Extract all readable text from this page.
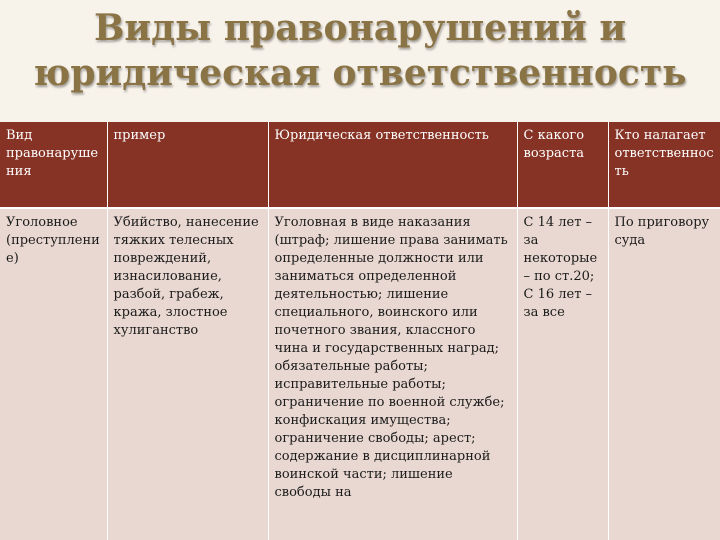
Виды правонарушений и
юридическая ответственность
Вид правонарушения	пример	Юридическая ответственность	С какого возраста	Кто налагает ответственность

Уголовное (преступление)	Убийство, нанесение тяжких телесных повреждений, изнасилование, разбой, грабеж, кража, злостное хулиганство	Уголовная в виде наказания (штраф; лишение права занимать определенные должности или заниматься определенной деятельностью; лишение специального, воинского или почетного звания, классного чина и государственных наград; обязательные работы; исправительные работы; ограничение по военной службе; конфискация имущества; ограничение свободы; арест; содержание в дисциплинарной воинской части; лишение свободы на	С 14 лет – за некоторые – по ст.20; С 16 лет – за все	По приговору суда
